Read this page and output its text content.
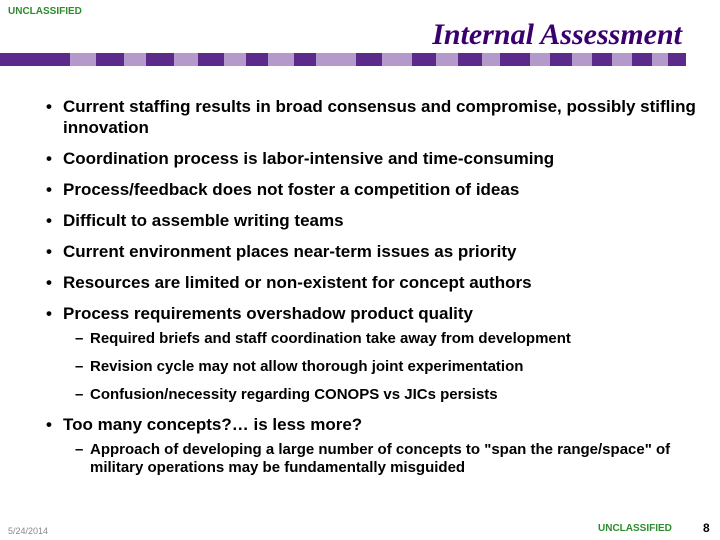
UNCLASSIFIED
Internal Assessment
• Current staffing results in broad consensus and compromise, possibly stifling innovation
• Coordination process is labor-intensive and time-consuming
• Process/feedback does not foster a competition of ideas
• Difficult to assemble writing teams
• Current environment places near-term issues as priority
• Resources are limited or non-existent for concept authors
• Process requirements overshadow product quality
– Required briefs and staff coordination take away from development
– Revision cycle may not allow thorough joint experimentation
– Confusion/necessity regarding CONOPS vs JICs persists
• Too many concepts?… is less more?
– Approach of developing a large number of concepts to "span the range/space" of military operations may be fundamentally misguided
5/24/2014	UNCLASSIFIED	8
